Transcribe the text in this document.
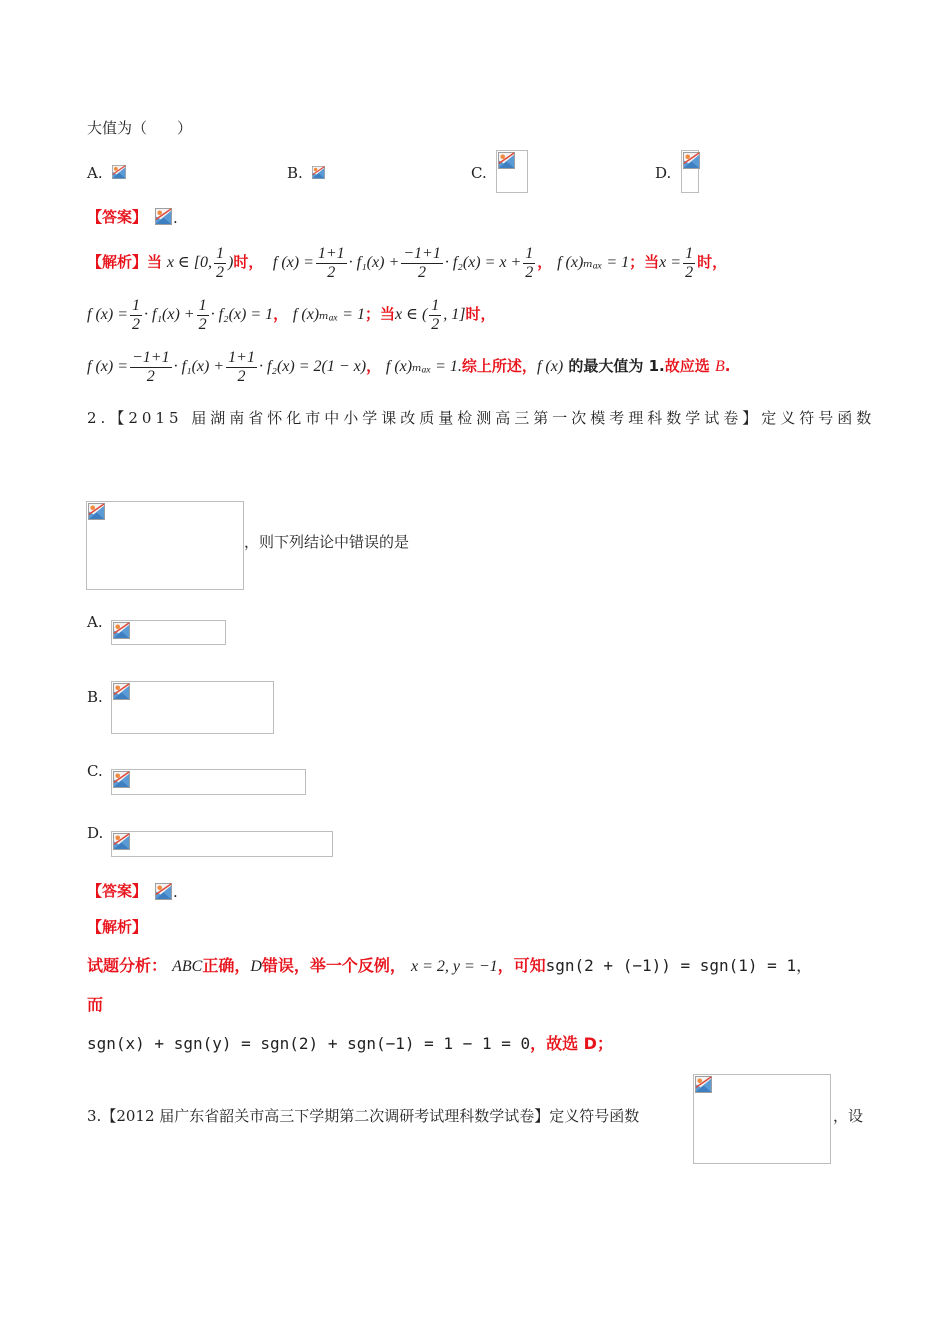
大值为（　　）
A.	B.	C.	D.
【答案】 .
【解析】当 x ∈ [0, $\frac{1}{2}$ )时， f $(x) = \frac{1+1}{2} \cdot f_1(x) + \frac{-1+1}{2} \cdot f_2(x) = x + \frac{1}{2}$ ， f (x)ₘₐₓ = 1；当$x = \frac{1}{2}$ 时，
f $(x) = \frac{1}{2} \cdot f_1(x) + \frac{1}{2} \cdot f_2(x) = 1$， f (x)ₘₐₓ = 1；当x ∈ ( $\frac{1}{2}$ , 1]时，
f $(x) = \frac{-1+1}{2} \cdot f_1(x) + \frac{1+1}{2} \cdot f_2(x) = 2(1 - x)$， f (x)ₘₐₓ = 1.综上所述，f (x) 的最大值为 1.故应选 B.
2.【2015 届湖南省怀化市中小学课改质量检测高三第一次模考理科数学试卷】定义符号函数
，则下列结论中错误的是
A.
B.
C.
D.
【答案】 .
【解析】
试题分析： ABC正确，D错误，举一个反例， x = 2, y = −1，可知sgn(2 + (−1)) = sgn(1) = 1，
而
sgn(x) + sgn(y) = sgn(2) + sgn(−1) = 1 − 1 = 0，故选 D；
3.【2012 届广东省韶关市高三下学期第二次调研考试理科数学试卷】定义符号函数	，设
